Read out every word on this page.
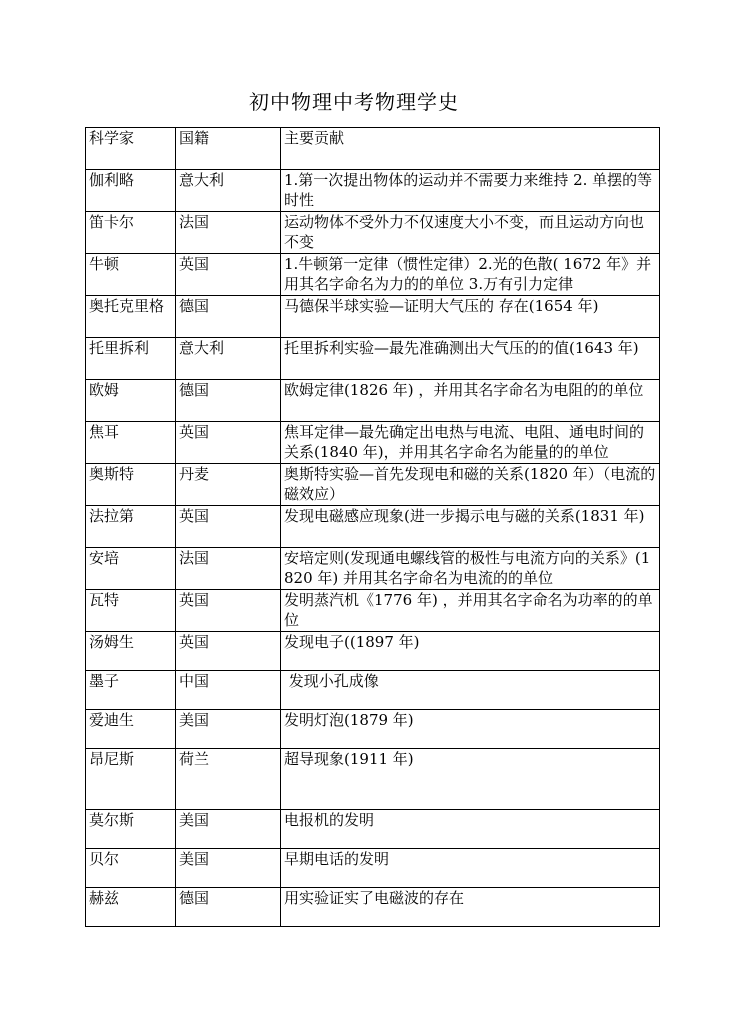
初中物理中考物理学史
科学家	国籍	主要贡献
伽利略	意大利	1.第一次提出物体的运动并不需要力来维持 2. 单摆的等时性
笛卡尔	法国	运动物体不受外力不仅速度大小不变，而且运动方向也不变
牛顿	英国	1.牛顿第一定律（惯性定律）2.光的色散( 1672 年》并用其名字命名为力的的单位 3.万有引力定律
奥托克里格	德国	马德保半球实验—证明大气压的 存在(1654 年)
托里拆利	意大利	托里拆利实验—最先准确测出大气压的的值(1643 年)
欧姆	德国	欧姆定律(1826 年) ，并用其名字命名为电阻的的单位
焦耳	英国	焦耳定律—最先确定出电热与电流、电阻、通电时间的关系(1840 年)，并用其名字命名为能量的的单位
奥斯特	丹麦	奥斯特实验—首先发现电和磁的关系(1820 年）（电流的磁效应）
法拉第	英国	发现电磁感应现象(进一步揭示电与磁的关系(1831 年)
安培	法国	安培定则(发现通电螺线管的极性与电流方向的关系》(1820 年) 并用其名字命名为电流的的单位
瓦特	英国	发明蒸汽机《1776 年) ，并用其名字命名为功率的的单位
汤姆生	英国	发现电子((1897 年)
墨子	中国	发现小孔成像
爱迪生	美国	发明灯泡(1879 年)
昂尼斯	荷兰	超导现象(1911 年)
莫尔斯	美国	电报机的发明
贝尔	美国	早期电话的发明
赫兹	德国	用实验证实了电磁波的存在
